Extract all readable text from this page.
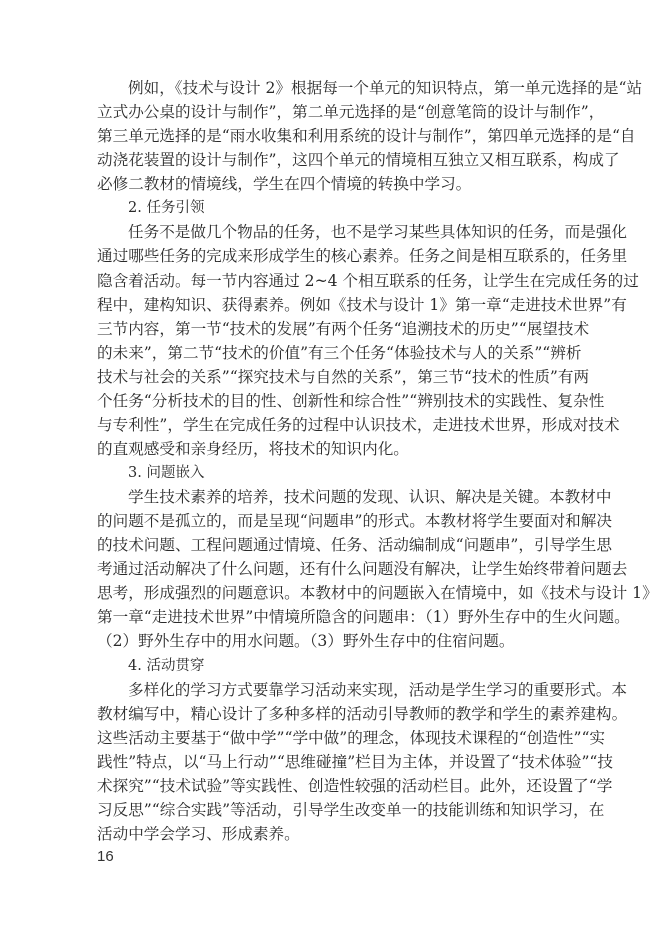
例如，《技术与设计 2》根据每一个单元的知识特点，第一单元选择的是“站
立式办公桌的设计与制作”，第二单元选择的是“创意笔筒的设计与制作”，
第三单元选择的是“雨水收集和利用系统的设计与制作”，第四单元选择的是“自
动浇花装置的设计与制作”，这四个单元的情境相互独立又相互联系，构成了
必修二教材的情境线，学生在四个情境的转换中学习。
2. 任务引领
任务不是做几个物品的任务，也不是学习某些具体知识的任务，而是强化
通过哪些任务的完成来形成学生的核心素养。任务之间是相互联系的，任务里
隐含着活动。每一节内容通过 2~4 个相互联系的任务，让学生在完成任务的过
程中，建构知识、获得素养。例如《技术与设计 1》第一章“走进技术世界”有
三节内容，第一节“技术的发展”有两个任务“追溯技术的历史”“展望技术
的未来”，第二节“技术的价值”有三个任务“体验技术与人的关系”“辨析
技术与社会的关系”“探究技术与自然的关系”，第三节“技术的性质”有两
个任务“分析技术的目的性、创新性和综合性”“辨别技术的实践性、复杂性
与专利性”，学生在完成任务的过程中认识技术，走进技术世界，形成对技术
的直观感受和亲身经历，将技术的知识内化。
3. 问题嵌入
学生技术素养的培养，技术问题的发现、认识、解决是关键。本教材中
的问题不是孤立的，而是呈现“问题串”的形式。本教材将学生要面对和解决
的技术问题、工程问题通过情境、任务、活动编制成“问题串”，引导学生思
考通过活动解决了什么问题，还有什么问题没有解决，让学生始终带着问题去
思考，形成强烈的问题意识。本教材中的问题嵌入在情境中，如《技术与设计 1》
第一章“走进技术世界”中情境所隐含的问题串：（1）野外生存中的生火问题。
（2）野外生存中的用水问题。（3）野外生存中的住宿问题。
4. 活动贯穿
多样化的学习方式要靠学习活动来实现，活动是学生学习的重要形式。本
教材编写中，精心设计了多种多样的活动引导教师的教学和学生的素养建构。
这些活动主要基于“做中学”“学中做”的理念，体现技术课程的“创造性”“实
践性”特点，以“马上行动”“思维碰撞”栏目为主体，并设置了“技术体验”“技
术探究”“技术试验”等实践性、创造性较强的活动栏目。此外，还设置了“学
习反思”“综合实践”等活动，引导学生改变单一的技能训练和知识学习，在
活动中学会学习、形成素养。
16
